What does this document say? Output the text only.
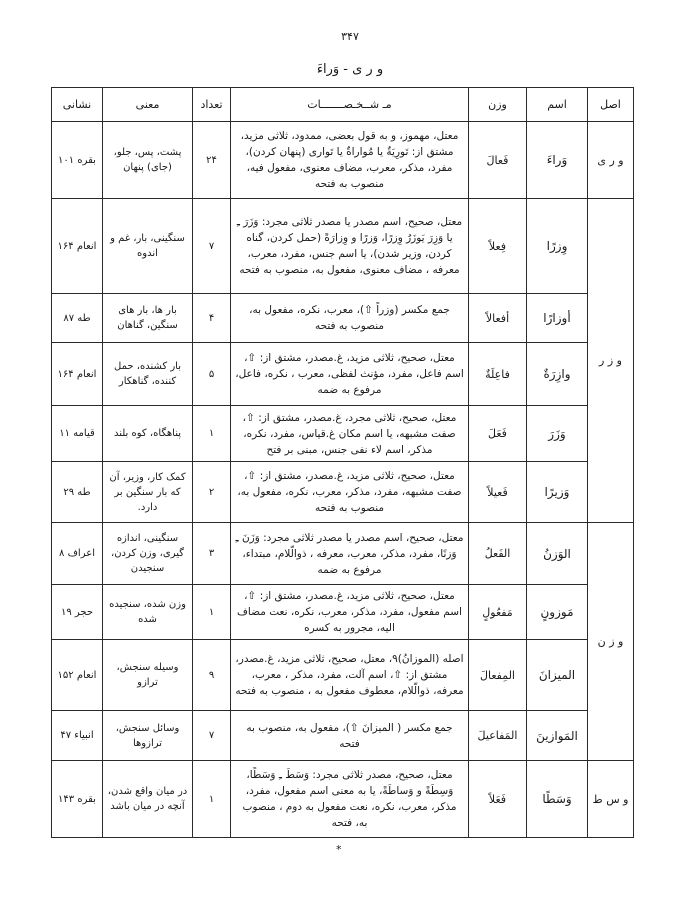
۳۴۷
و ر ی - وَراءَ
اصل	اسم	وزن	مـ شــخـصـــــــات	تعداد	معنی	نشانی
و ر ی	وَراءَ	فَعالَ	معتل، مهموز، و به قول بعضی، ممدود، ثلاثی مزید، مشتق از: تَورِيَةٌ يا مُواراةٌ يا تَواری (پنهان کردن)، مفرد، مذکر، معرب، مضاف معنوی، مفعول فيه، منصوب به فتحه	۲۴	پشت، پس، جلو، (جای) پنهان	بقره ۱۰۱
و ز ر	وِزرًا	فِعلاً	معتل، صحيح، اسم مصدر يا مصدر ثلاثی مجرد: وَزَرَ ـِ يا وَزِرَ يَوزَرُ وِزرًا، وَزرًا و وِزارَةً (حمل کردن، گناه کردن، وزير شدن)، يا اسم جنس، مفرد، معرب، معرفه ، مضاف معنوی، مفعول به، منصوب به فتحه	۷	سنگينی، بار، غم و اندوه	انعام ۱۶۴
	أوزارًا	أفعالاً	جمع مکسر (وزراً ⇧)، معرب، نکره، مفعول به، منصوب به فتحه	۴	بار ها، بار های سنگين، گناهان	طه ۸۷
	وازِرَةٌ	فاعِلَةٌ	معتل، صحيح، ثلاثی مزيد، غ.مصدر، مشتق از: ⇧، اسم فاعل، مفرد، مؤنث لفظی، معرب ، نکره، فاعل، مرفوع به ضمه	۵	بار کشنده، حمل کننده، گناهکار	انعام ۱۶۴
	وَزَرَ	فَعَلَ	معتل، صحيح، ثلاثی مجرد، غ.مصدر، مشتق از: ⇧، صفت مشبهه، يا اسم مکان غ.قياس، مفرد، نکره، مذکر، اسم لاء نفی جنس، مبنی بر فتح	۱	پناهگاه، کوه بلند	قيامه ۱۱
	وَزيرًا	فَعيلاً	معتل، صحيح، ثلاثی مزيد، غ.مصدر، مشتق از: ⇧، صفت مشبهه، مفرد، مذکر، معرب، نکره، مفعول به، منصوب به فتحه	۲	کمک کار، وزير، آن که بار سنگين بر دارد.	طه ۲۹
و ز ن	الوَزنُ	الفَعلُ	معتل، صحيح، اسم مصدر يا مصدر ثلاثی مجرد: وَزَنَ ـِ وَزنًا، مفرد، مذکر، معرب، معرفه ، ذوالّلام، مبتداء، مرفوع به ضمه	۳	سنگينی، اندازه گيری، وزن کردن، سنجيدن	اعراف ۸
	مَوزونٍ	مَفعُولٍ	معتل، صحيح، ثلاثی مزيد، غ.مصدر، مشتق از: ⇧، اسم مفعول، مفرد، مذکر، معرب، نکره، نعت مضاف اليه، مجرور به کسره	۱	وزن شده، سنجيده شده	حجر ۱۹
	الميزانَ	المِفعالَ	اصله (الموزانُ)۹، معتل، صحيح، ثلاثی مزيد، غ.مصدر، مشتق از: ⇧، اسم آلت، مفرد، مذکر ، معرب، معرفه، ذوالّلام، معطوف مفعول به ، منصوب به فتحه	۹	وسيله سنجش، ترازو	انعام ۱۵۲
	المَوازينَ	المَفاعيلَ	جمع مکسر ( الميزانَ ⇧)، مفعول به، منصوب به فتحه	۷	وسائل سنجش، ترازوها	انبياء ۴۷
و س ط	وَسَطًا	فَعَلاً	معتل، صحيح، مصدر ثلاثی مجرد: وَسَطَ ـِ وَسَطًا، وَسِطَةً و وَساطَةً، يا به معنی اسم مفعول، مفرد، مذکر، معرب، نکره، نعت مفعول به دوم ، منصوب به، فتحه	۱	در ميان واقع شدن، آنچه در ميان باشد	بقره ۱۴۳
*
